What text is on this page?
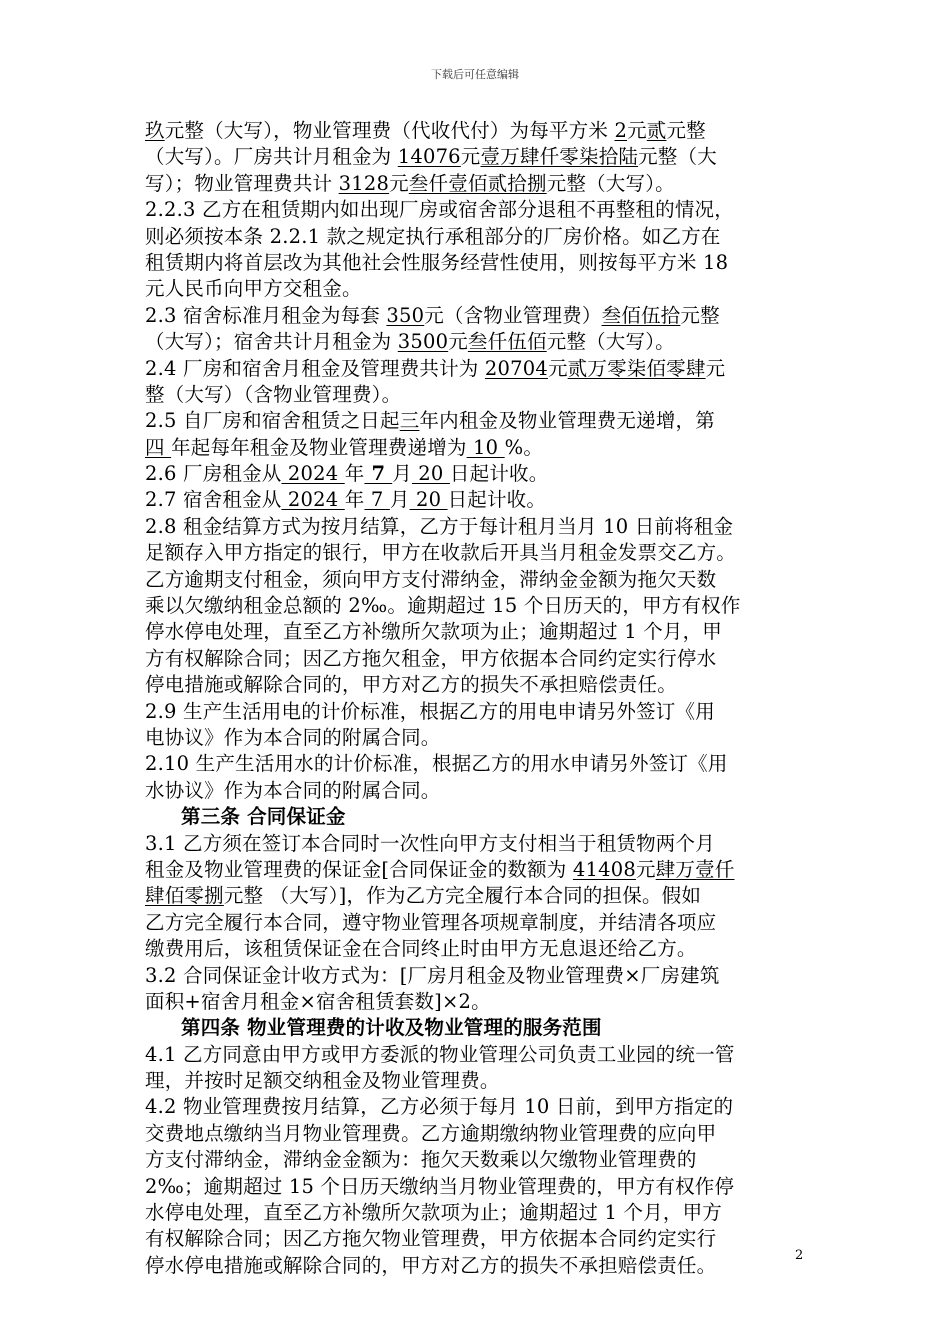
下载后可任意编辑
玖元整（大写），物业管理费（代收代付）为每平方米 2元贰元整
（大写）。厂房共计月租金为 14076元壹万肆仟零柒拾陆元整（大
写）；物业管理费共计 3128元叁仟壹佰贰拾捌元整（大写）。
2.2.3 乙方在租赁期内如出现厂房或宿舍部分退租不再整租的情况，
则必须按本条 2.2.1 款之规定执行承租部分的厂房价格。如乙方在
租赁期内将首层改为其他社会性服务经营性使用，则按每平方米 18
元人民币向甲方交租金。
2.3 宿舍标准月租金为每套 350元（含物业管理费）叁佰伍拾元整
（大写）；宿舍共计月租金为 3500元叁仟伍佰元整（大写）。
2.4 厂房和宿舍月租金及管理费共计为 20704元贰万零柒佰零肆元
整（大写）（含物业管理费）。
2.5 自厂房和宿舍租赁之日起三年内租金及物业管理费无递增，第
四 年起每年租金及物业管理费递增为 10 %。
2.6 厂房租金从 2024 年 7 月 20 日起计收。
2.7 宿舍租金从 2024 年 7 月 20 日起计收。
2.8 租金结算方式为按月结算，乙方于每计租月当月 10 日前将租金
足额存入甲方指定的银行，甲方在收款后开具当月租金发票交乙方。
乙方逾期支付租金，须向甲方支付滞纳金，滞纳金金额为拖欠天数
乘以欠缴纳租金总额的 2‰。逾期超过 15 个日历天的，甲方有权作
停水停电处理，直至乙方补缴所欠款项为止；逾期超过 1 个月，甲
方有权解除合同；因乙方拖欠租金，甲方依据本合同约定实行停水
停电措施或解除合同的，甲方对乙方的损失不承担赔偿责任。
2.9 生产生活用电的计价标准，根据乙方的用电申请另外签订《用
电协议》作为本合同的附属合同。
2.10 生产生活用水的计价标准，根据乙方的用水申请另外签订《用
水协议》作为本合同的附属合同。
第三条 合同保证金
3.1 乙方须在签订本合同时一次性向甲方支付相当于租赁物两个月
租金及物业管理费的保证金[合同保证金的数额为 41408元肆万壹仟
肆佰零捌元整 （大写）]，作为乙方完全履行本合同的担保。假如
乙方完全履行本合同，遵守物业管理各项规章制度，并结清各项应
缴费用后，该租赁保证金在合同终止时由甲方无息退还给乙方。
3.2 合同保证金计收方式为：[厂房月租金及物业管理费×厂房建筑
面积+宿舍月租金×宿舍租赁套数]×2。
第四条 物业管理费的计收及物业管理的服务范围
4.1 乙方同意由甲方或甲方委派的物业管理公司负责工业园的统一管
理，并按时足额交纳租金及物业管理费。
4.2 物业管理费按月结算，乙方必须于每月 10 日前，到甲方指定的
交费地点缴纳当月物业管理费。乙方逾期缴纳物业管理费的应向甲
方支付滞纳金，滞纳金金额为：拖欠天数乘以欠缴物业管理费的
2‰；逾期超过 15 个日历天缴纳当月物业管理费的，甲方有权作停
水停电处理，直至乙方补缴所欠款项为止；逾期超过 1 个月，甲方
有权解除合同；因乙方拖欠物业管理费，甲方依据本合同约定实行
停水停电措施或解除合同的，甲方对乙方的损失不承担赔偿责任。	2
